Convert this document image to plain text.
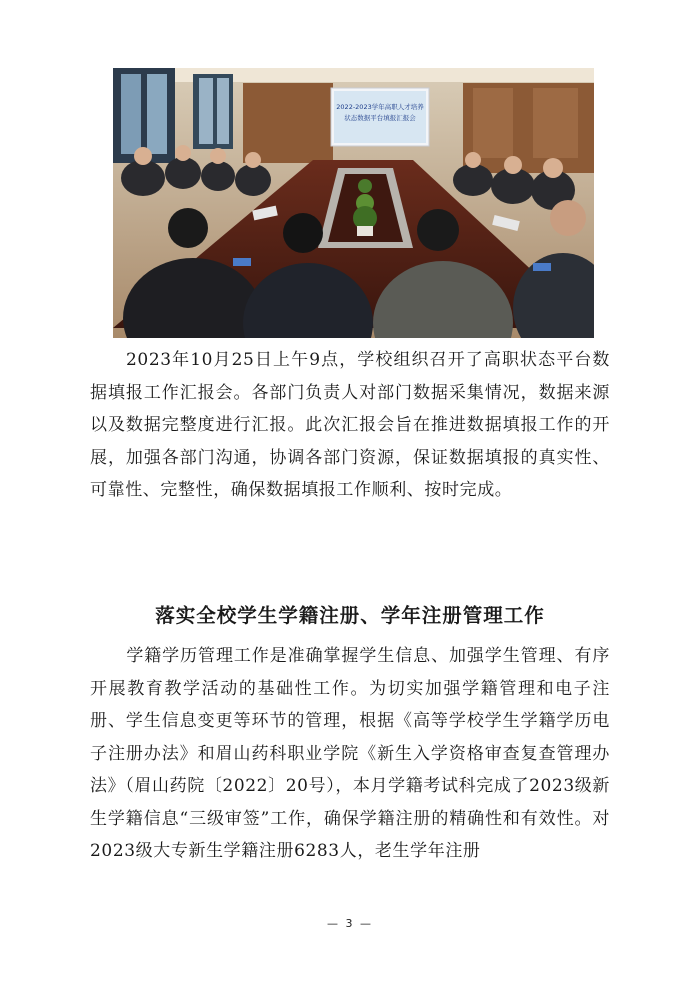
2022-2023学年高职人才培养
状态数据平台填报汇报会

2023年10月25日上午9点，学校组织召开了高职状态平台数据填报工作汇报会。各部门负责人对部门数据采集情况，数据来源以及数据完整度进行汇报。此次汇报会旨在推进数据填报工作的开展，加强各部门沟通，协调各部门资源，保证数据填报的真实性、可靠性、完整性，确保数据填报工作顺利、按时完成。

落实全校学生学籍注册、学年注册管理工作

学籍学历管理工作是准确掌握学生信息、加强学生管理、有序开展教育教学活动的基础性工作。为切实加强学籍管理和电子注册、学生信息变更等环节的管理，根据《高等学校学生学籍学历电子注册办法》和眉山药科职业学院《新生入学资格审查复查管理办法》（眉山药院〔2022〕20号），本月学籍考试科完成了2023级新生学籍信息“三级审签”工作，确保学籍注册的精确性和有效性。对2023级大专新生学籍注册6283人，老生学年注册

— 3 —
